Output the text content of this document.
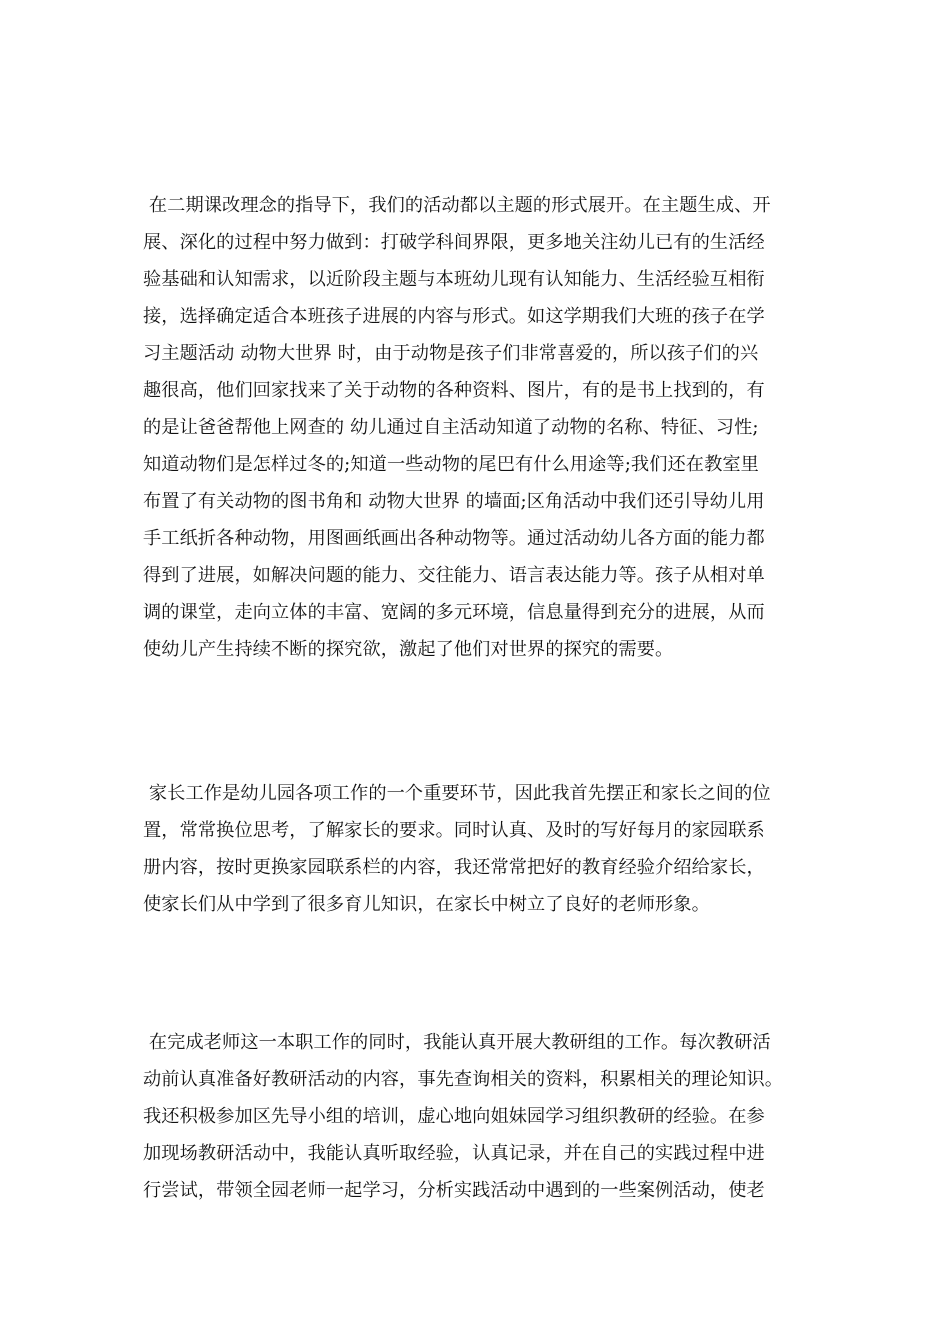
在二期课改理念的指导下，我们的活动都以主题的形式展开。在主题生成、开
展、深化的过程中努力做到：打破学科间界限，更多地关注幼儿已有的生活经
验基础和认知需求，以近阶段主题与本班幼儿现有认知能力、生活经验互相衔
接，选择确定适合本班孩子进展的内容与形式。如这学期我们大班的孩子在学
习主题活动 动物大世界 时，由于动物是孩子们非常喜爱的，所以孩子们的兴
趣很高，他们回家找来了关于动物的各种资料、图片，有的是书上找到的，有
的是让爸爸帮他上网查的 幼儿通过自主活动知道了动物的名称、特征、习性;
知道动物们是怎样过冬的;知道一些动物的尾巴有什么用途等;我们还在教室里
布置了有关动物的图书角和 动物大世界 的墙面;区角活动中我们还引导幼儿用
手工纸折各种动物，用图画纸画出各种动物等。通过活动幼儿各方面的能力都
得到了进展，如解决问题的能力、交往能力、语言表达能力等。孩子从相对单
调的课堂，走向立体的丰富、宽阔的多元环境，信息量得到充分的进展，从而
使幼儿产生持续不断的探究欲，激起了他们对世界的探究的需要。
家长工作是幼儿园各项工作的一个重要环节，因此我首先摆正和家长之间的位
置，常常换位思考，了解家长的要求。同时认真、及时的写好每月的家园联系
册内容，按时更换家园联系栏的内容，我还常常把好的教育经验介绍给家长，
使家长们从中学到了很多育儿知识，在家长中树立了良好的老师形象。
在完成老师这一本职工作的同时，我能认真开展大教研组的工作。每次教研活
动前认真准备好教研活动的内容，事先查询相关的资料，积累相关的理论知识。
我还积极参加区先导小组的培训，虚心地向姐妹园学习组织教研的经验。在参
加现场教研活动中，我能认真听取经验，认真记录，并在自己的实践过程中进
行尝试，带领全园老师一起学习，分析实践活动中遇到的一些案例活动，使老
